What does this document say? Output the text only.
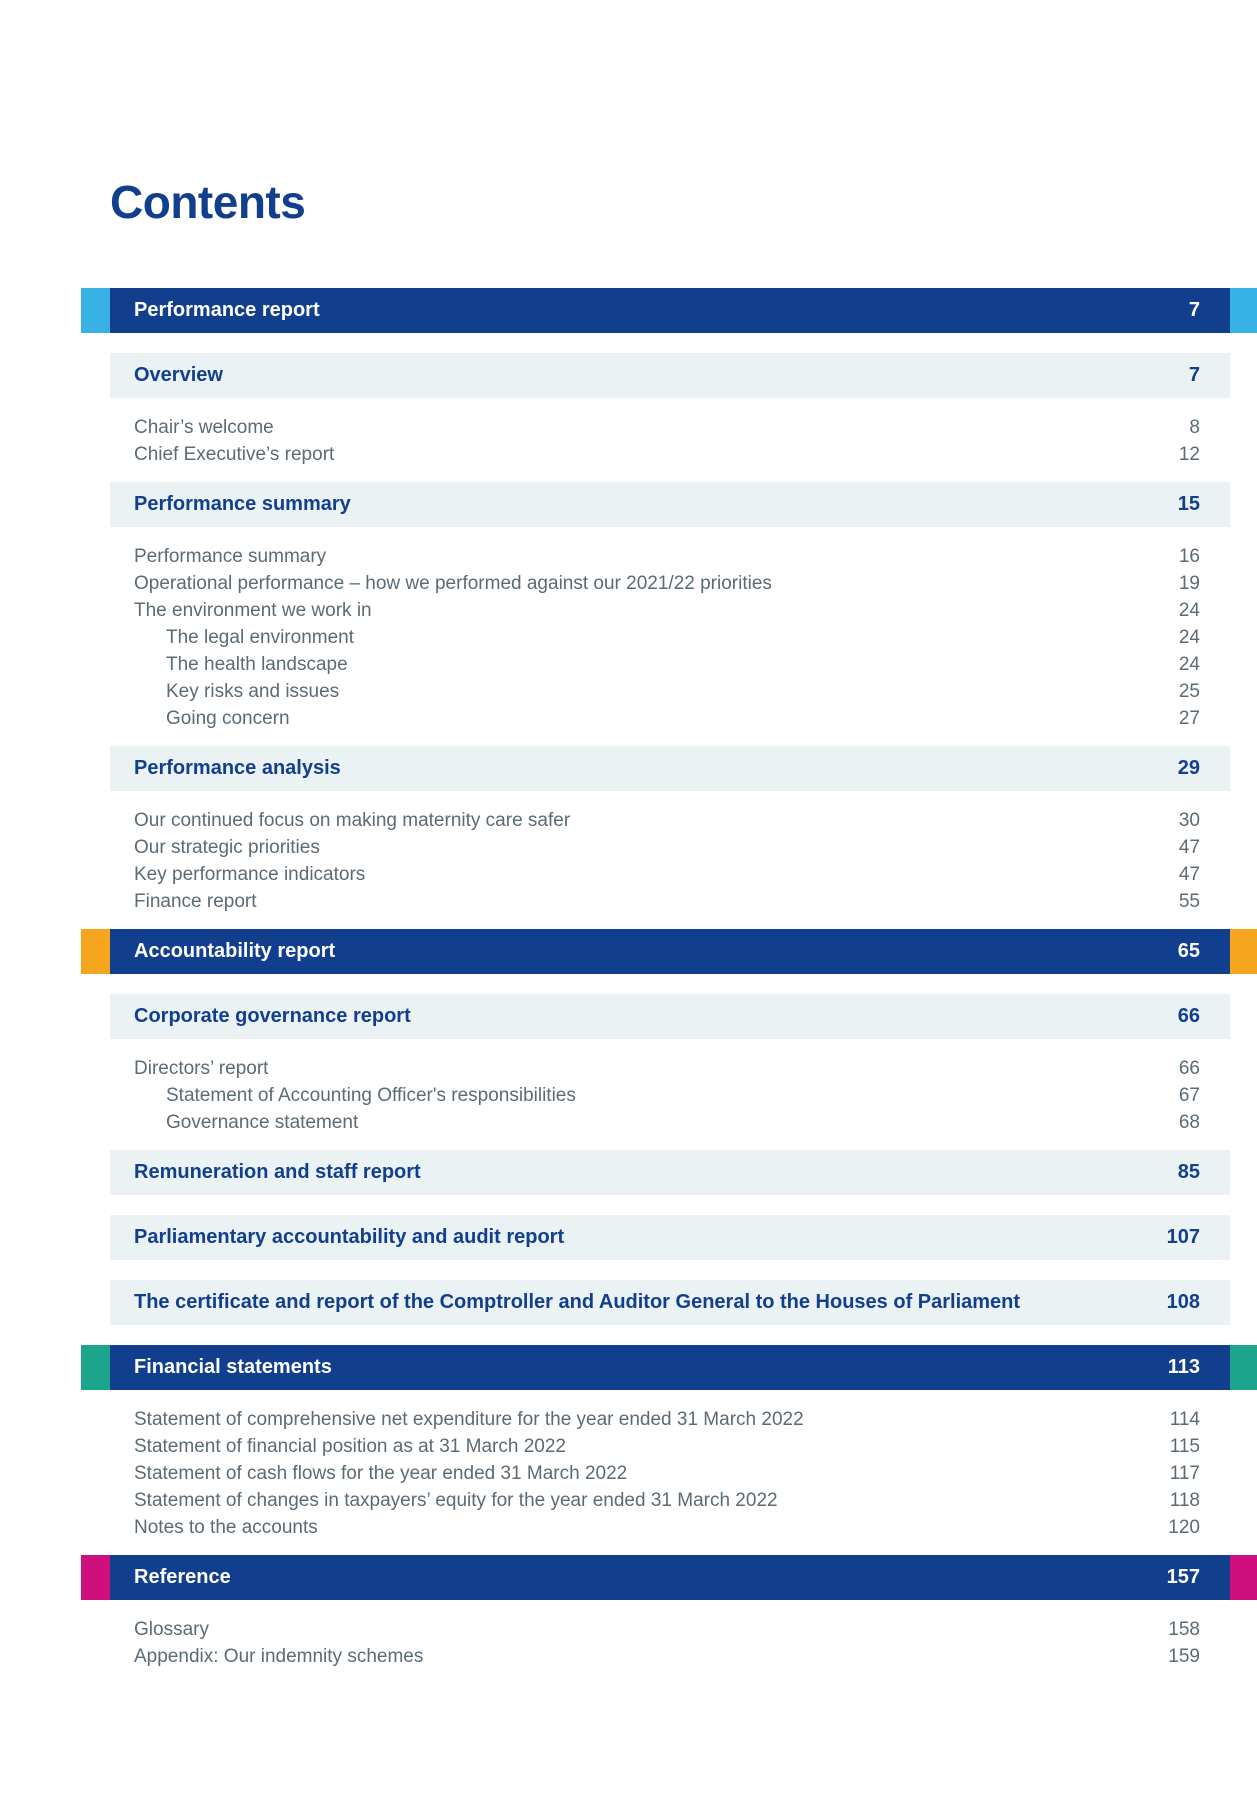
Contents
Performance report	7
Overview	7
Chair’s welcome	8
Chief Executive’s report	12
Performance summary	15
Performance summary	16
Operational performance – how we performed against our 2021/22 priorities	19
The environment we work in	24
The legal environment	24
The health landscape	24
Key risks and issues	25
Going concern	27
Performance analysis	29
Our continued focus on making maternity care safer	30
Our strategic priorities	47
Key performance indicators	47
Finance report	55
Accountability report	65
Corporate governance report	66
Directors’ report	66
Statement of Accounting Officer's responsibilities	67
Governance statement	68
Remuneration and staff report	85
Parliamentary accountability and audit report	107
The certificate and report of the Comptroller and Auditor General to the Houses of Parliament	108
Financial statements	113
Statement of comprehensive net expenditure for the year ended 31 March 2022	114
Statement of financial position as at 31 March 2022	115
Statement of cash flows for the year ended 31 March 2022	117
Statement of changes in taxpayers’ equity for the year ended 31 March 2022	118
Notes to the accounts	120
Reference	157
Glossary	158
Appendix: Our indemnity schemes	159
